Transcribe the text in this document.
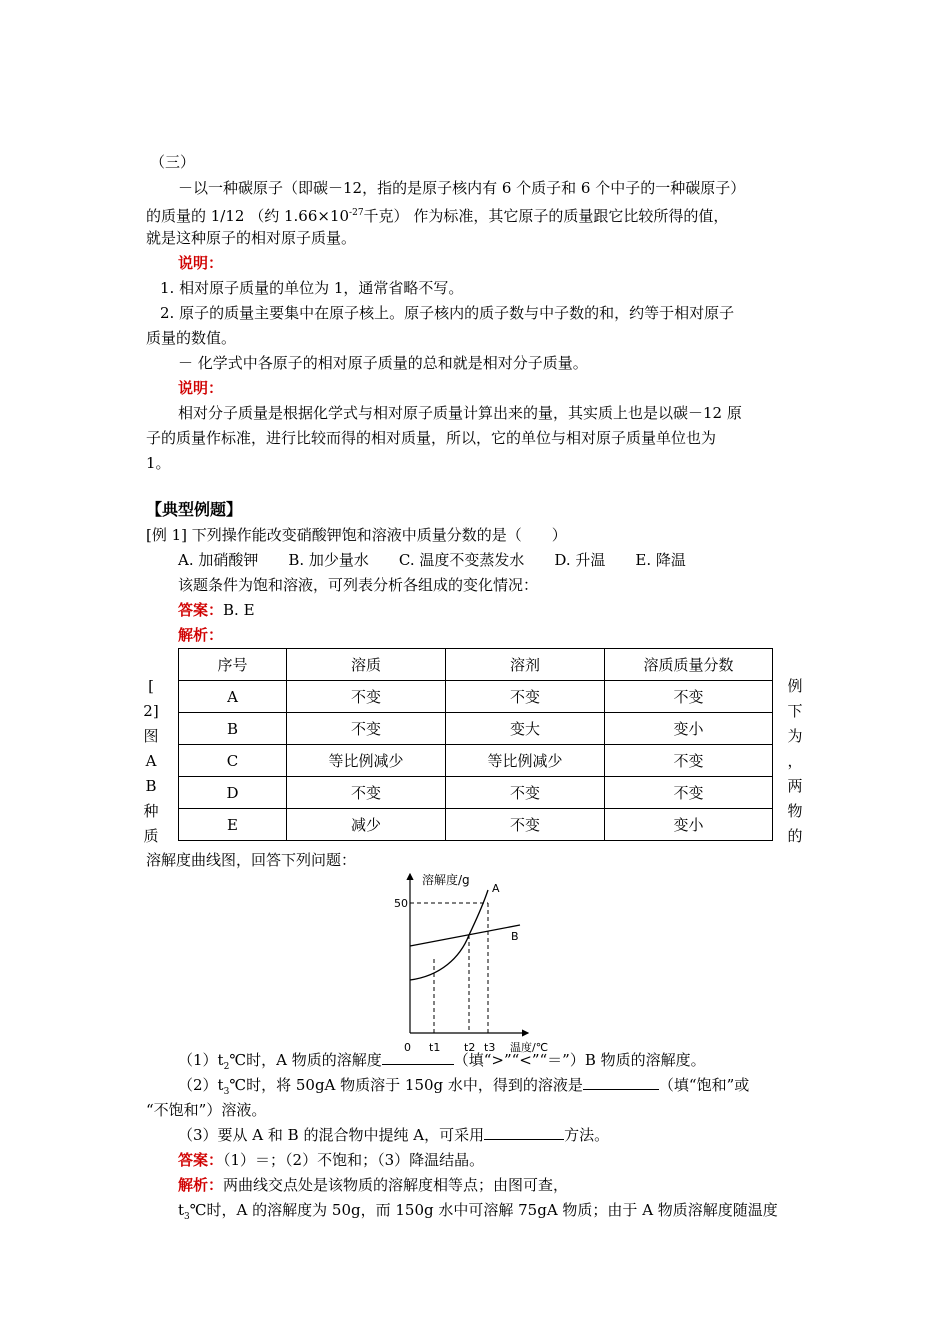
（三）
－以一种碳原子（即碳－12，指的是原子核内有 6 个质子和 6 个中子的一种碳原子）
的质量的 1/12 （约 $1.66\times 10^{-27}$千克） 作为标准，其它原子的质量跟它比较所得的值，
就是这种原子的相对原子质量。
说明：
1. 相对原子质量的单位为 1，通常省略不写。
2. 原子的质量主要集中在原子核上。原子核内的质子数与中子数的和，约等于相对原子
质量的数值。
－ 化学式中各原子的相对原子质量的总和就是相对分子质量。
说明：
相对分子质量是根据化学式与相对原子质量计算出来的量，其实质上也是以碳－12 原
子的质量作标准，进行比较而得的相对质量，所以，它的单位与相对原子质量单位也为
1。
【典型例题】
[例 1] 下列操作能改变硝酸钾饱和溶液中质量分数的是（　　）
A. 加硝酸钾　　B. 加少量水　　C. 温度不变蒸发水　　D. 升温　　E. 降温
该题条件为饱和溶液，可列表分析各组成的变化情况：
答案：B. E
解析：
序号	溶质	溶剂	溶质质量分数
A	不变	不变	不变
B	不变	变大	变小
C	等比例减少	等比例减少	不变
D	不变	不变	不变
E	减少	不变	变小
[
2]
图
A
B
种
质
例
下
为
，
两
物
的
溶解度曲线图，回答下列问题：
溶解度/g
50
A
B
0 t1 t2 t3 温度/℃
$(1)t_2℃$时，A 物质的溶解度	（填“>”“<”“＝”）B 物质的溶解度。
$(2)t_3℃$时，将 50gA 物质溶于 150g 水中，得到的溶液是	（填“饱和”或
“不饱和”）溶液。
（3）要从 A 和 B 的混合物中提纯 A，可采用	方法。
答案：（1）＝；（2）不饱和；（3）降温结晶。
解析：两曲线交点处是该物质的溶解度相等点；由图可查，
$t_3℃$时，A 的溶解度为 50g，而 150g 水中可溶解 75gA 物质；由于 A 物质溶解度随温度
